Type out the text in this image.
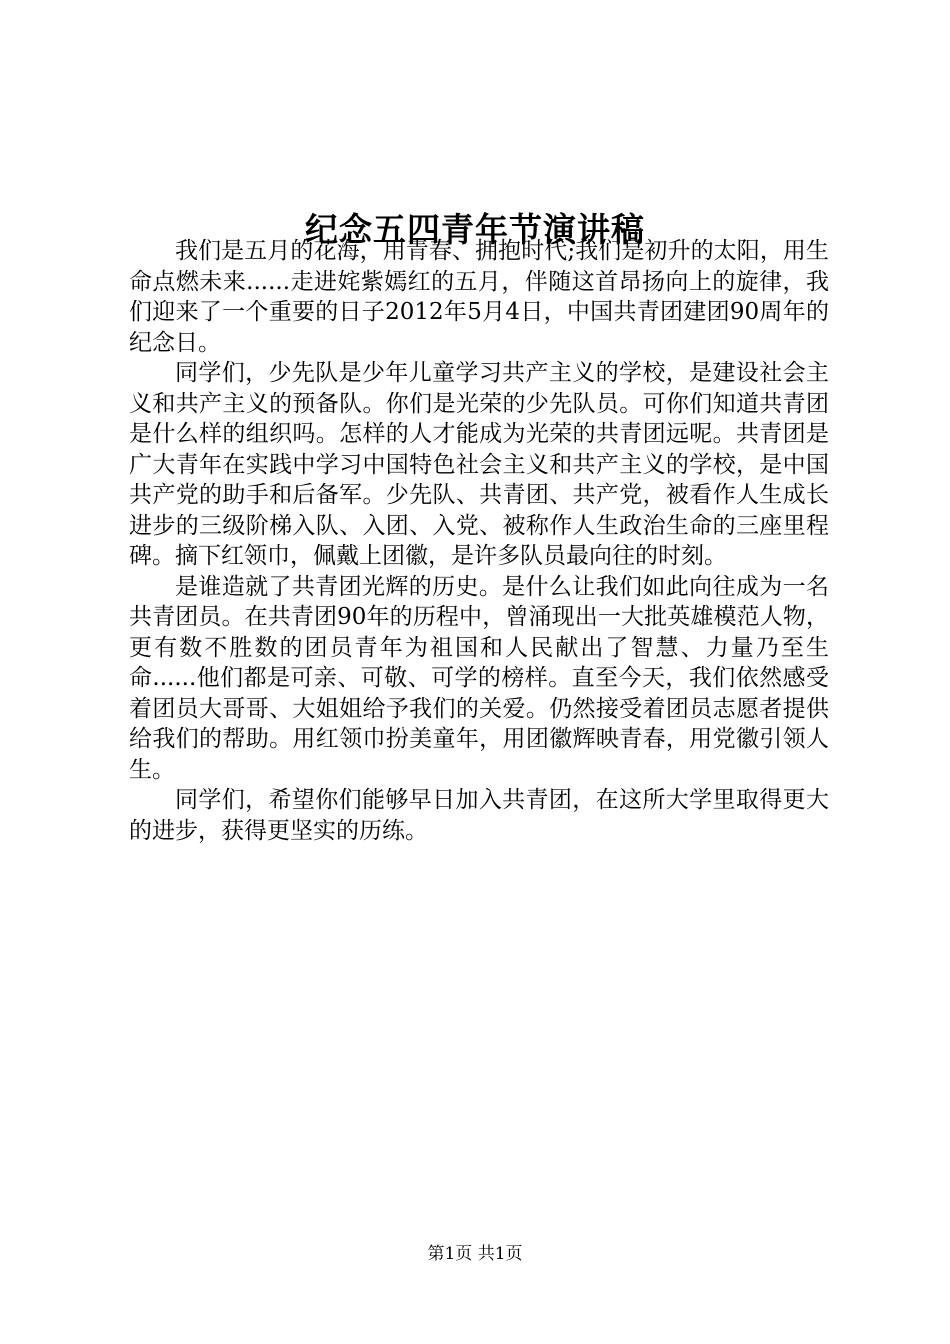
纪念五四青年节演讲稿

我们是五月的花海，用青春、拥抱时代;我们是初升的太阳，用生命点燃未来......走进姹紫嫣红的五月，伴随这首昂扬向上的旋律，我们迎来了一个重要的日子2012年5月4日，中国共青团建团90周年的纪念日。

同学们，少先队是少年儿童学习共产主义的学校，是建设社会主义和共产主义的预备队。你们是光荣的少先队员。可你们知道共青团是什么样的组织吗。怎样的人才能成为光荣的共青团远呢。共青团是广大青年在实践中学习中国特色社会主义和共产主义的学校，是中国共产党的助手和后备军。少先队、共青团、共产党，被看作人生成长进步的三级阶梯入队、入团、入党、被称作人生政治生命的三座里程碑。摘下红领巾，佩戴上团徽，是许多队员最向往的时刻。

是谁造就了共青团光辉的历史。是什么让我们如此向往成为一名共青团员。在共青团90年的历程中，曾涌现出一大批英雄模范人物，更有数不胜数的团员青年为祖国和人民献出了智慧、力量乃至生命......他们都是可亲、可敬、可学的榜样。直至今天，我们依然感受着团员大哥哥、大姐姐给予我们的关爱。仍然接受着团员志愿者提供给我们的帮助。用红领巾扮美童年，用团徽辉映青春，用党徽引领人生。

同学们，希望你们能够早日加入共青团，在这所大学里取得更大的进步，获得更坚实的历练。

第1页 共1页
